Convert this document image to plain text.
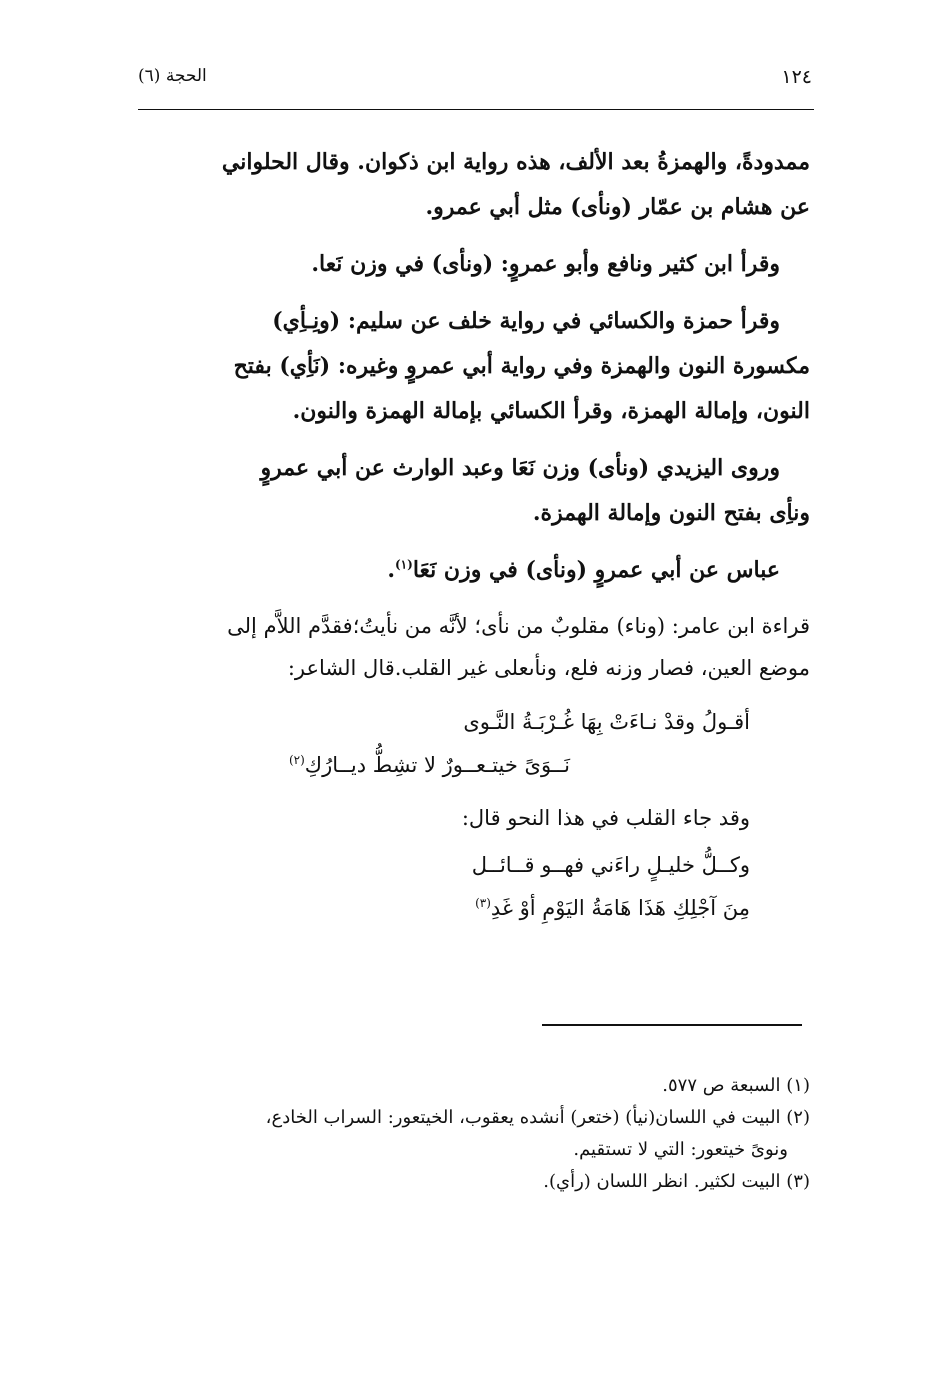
١٢٤
الحجة (٦)

ممدودةً، والهمزةُ بعد الألف، هذه رواية ابن ذكوان. وقال الحلواني
عن هشام بن عمّار (ونأى) مثل أبي عمرو.

وقرأ ابن كثير ونافع وأبو عمروٍ: (ونأى) في وزن نَعا.

وقرأ حمزة والكسائي في رواية خلف عن سليم: (ونِـأِي)
مكسورة النون والهمزة وفي رواية أبي عمروٍ وغيره: (نَأِي) بفتح
النون، وإمالة الهمزة، وقرأ الكسائي بإمالة الهمزة والنون.

وروى اليزيدي (ونأى) وزن نَعَا وعبد الوارث عن أبي عمروٍ
ونأِى بفتح النون وإمالة الهمزة.

عباس عن أبي عمروٍ (ونأى) في وزن نَعَا$^{(١)}$.

قراءة ابن عامر: (وناء) مقلوبٌ من نأى؛ لأنَّه من نأيتُ؛فقدَّم اللاَّم إلى
موضع العين، فصار وزنه فلع، ونأىعلى غير القلب.قال الشاعر:

أقـولُ وقدْ نـاءَتْ بِهَا غُـرْبَـةُ النَّـوى

نَــوَىً خيتـعــورٌ لا تشِطُّ ديــارُكِ$^{(٢)}$

وقد جاء القلب في هذا النحو قال:

وكــلُّ خليـلٍ راءَني فهــو قــائــل

مِنَ آجْلِكِ هَذَا هَامَةُ اليَوْمِ أوْ غَدِ$^{(٣)}$

(١) السبعة ص ٥٧٧.

(٢) البيت في اللسان(نيأ) (ختعر) أنشده يعقوب، الخيتعور: السراب الخادع،

ونوىً خيتعور: التي لا تستقيم.

(٣) البيت لكثير. انظر اللسان (رأي).
